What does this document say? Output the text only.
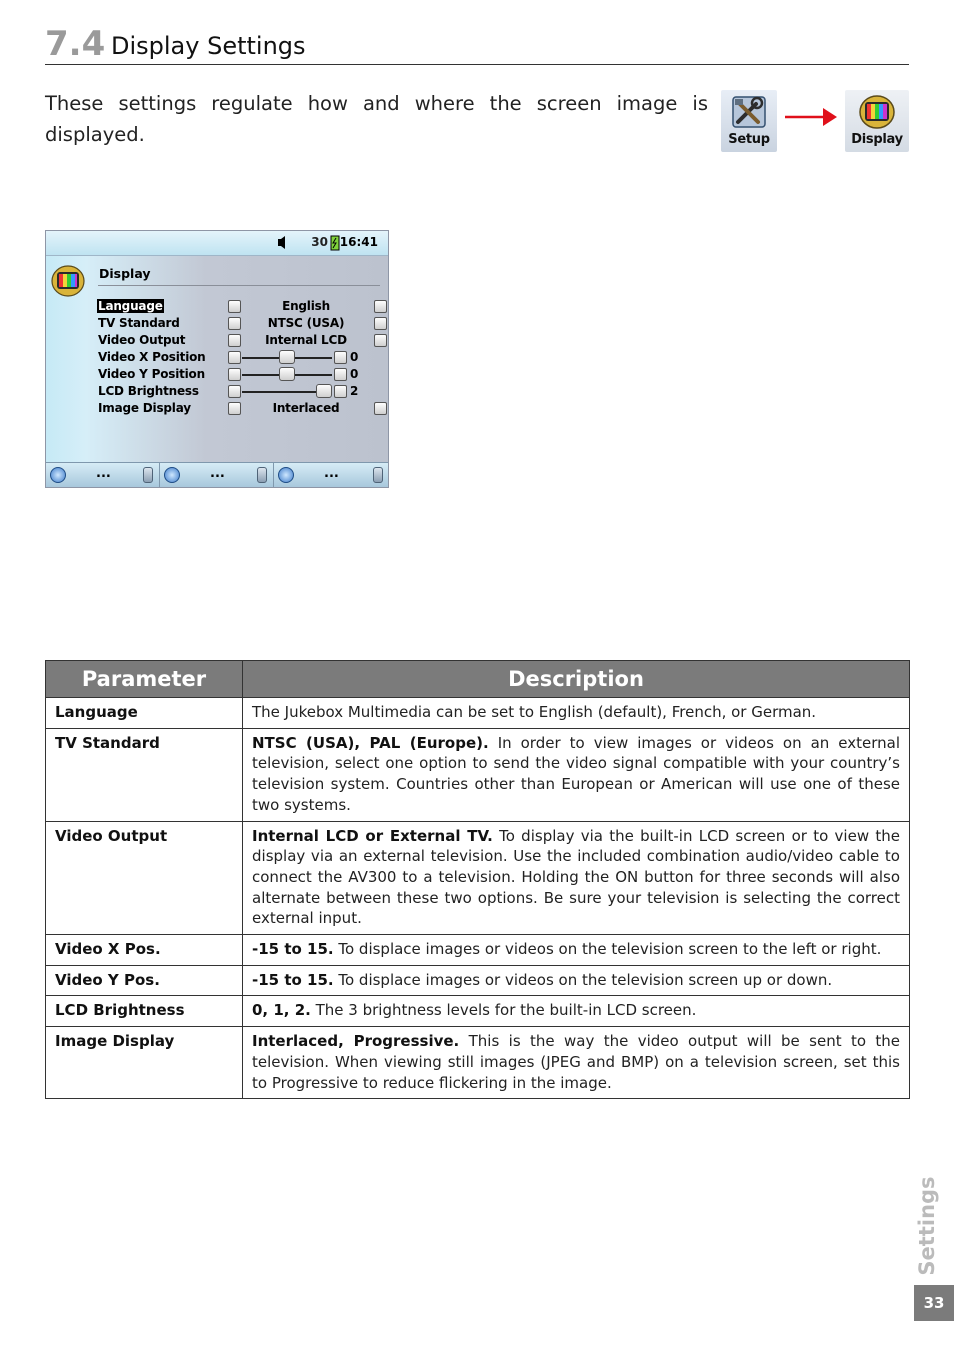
7.4 Display Settings
These settings regulate how and where the screen image is displayed.	Setup	Display
30 16:41
Display
Language	English
TV Standard	NTSC (USA)
Video Output	Internal LCD
Video X Position	0
Video Y Position	0
LCD Brightness	2
Image Display	Interlaced
...	...	...
Parameter	Description
Language	The Jukebox Multimedia can be set to English (default), French, or German.
TV Standard	NTSC (USA), PAL (Europe). In order to view images or videos on an external television, select one option to send the video signal compatible with your country’s television system. Countries other than European or American will use one of these two systems.
Video Output	Internal LCD or External TV. To display via the built-in LCD screen or to view the display via an external television. Use the included combination audio/video cable to connect the AV300 to a television. Holding the ON button for three seconds will also alternate between these two options. Be sure your television is selecting the correct external input.
Video X Pos.	-15 to 15. To displace images or videos on the television screen to the left or right.
Video Y Pos.	-15 to 15. To displace images or videos on the television screen up or down.
LCD Brightness	0, 1, 2. The 3 brightness levels for the built-in LCD screen.
Image Display	Interlaced, Progressive. This is the way the video output will be sent to the television. When viewing still images (JPEG and BMP) on a television screen, set this to Progressive to reduce flickering in the image.
Settings
33
